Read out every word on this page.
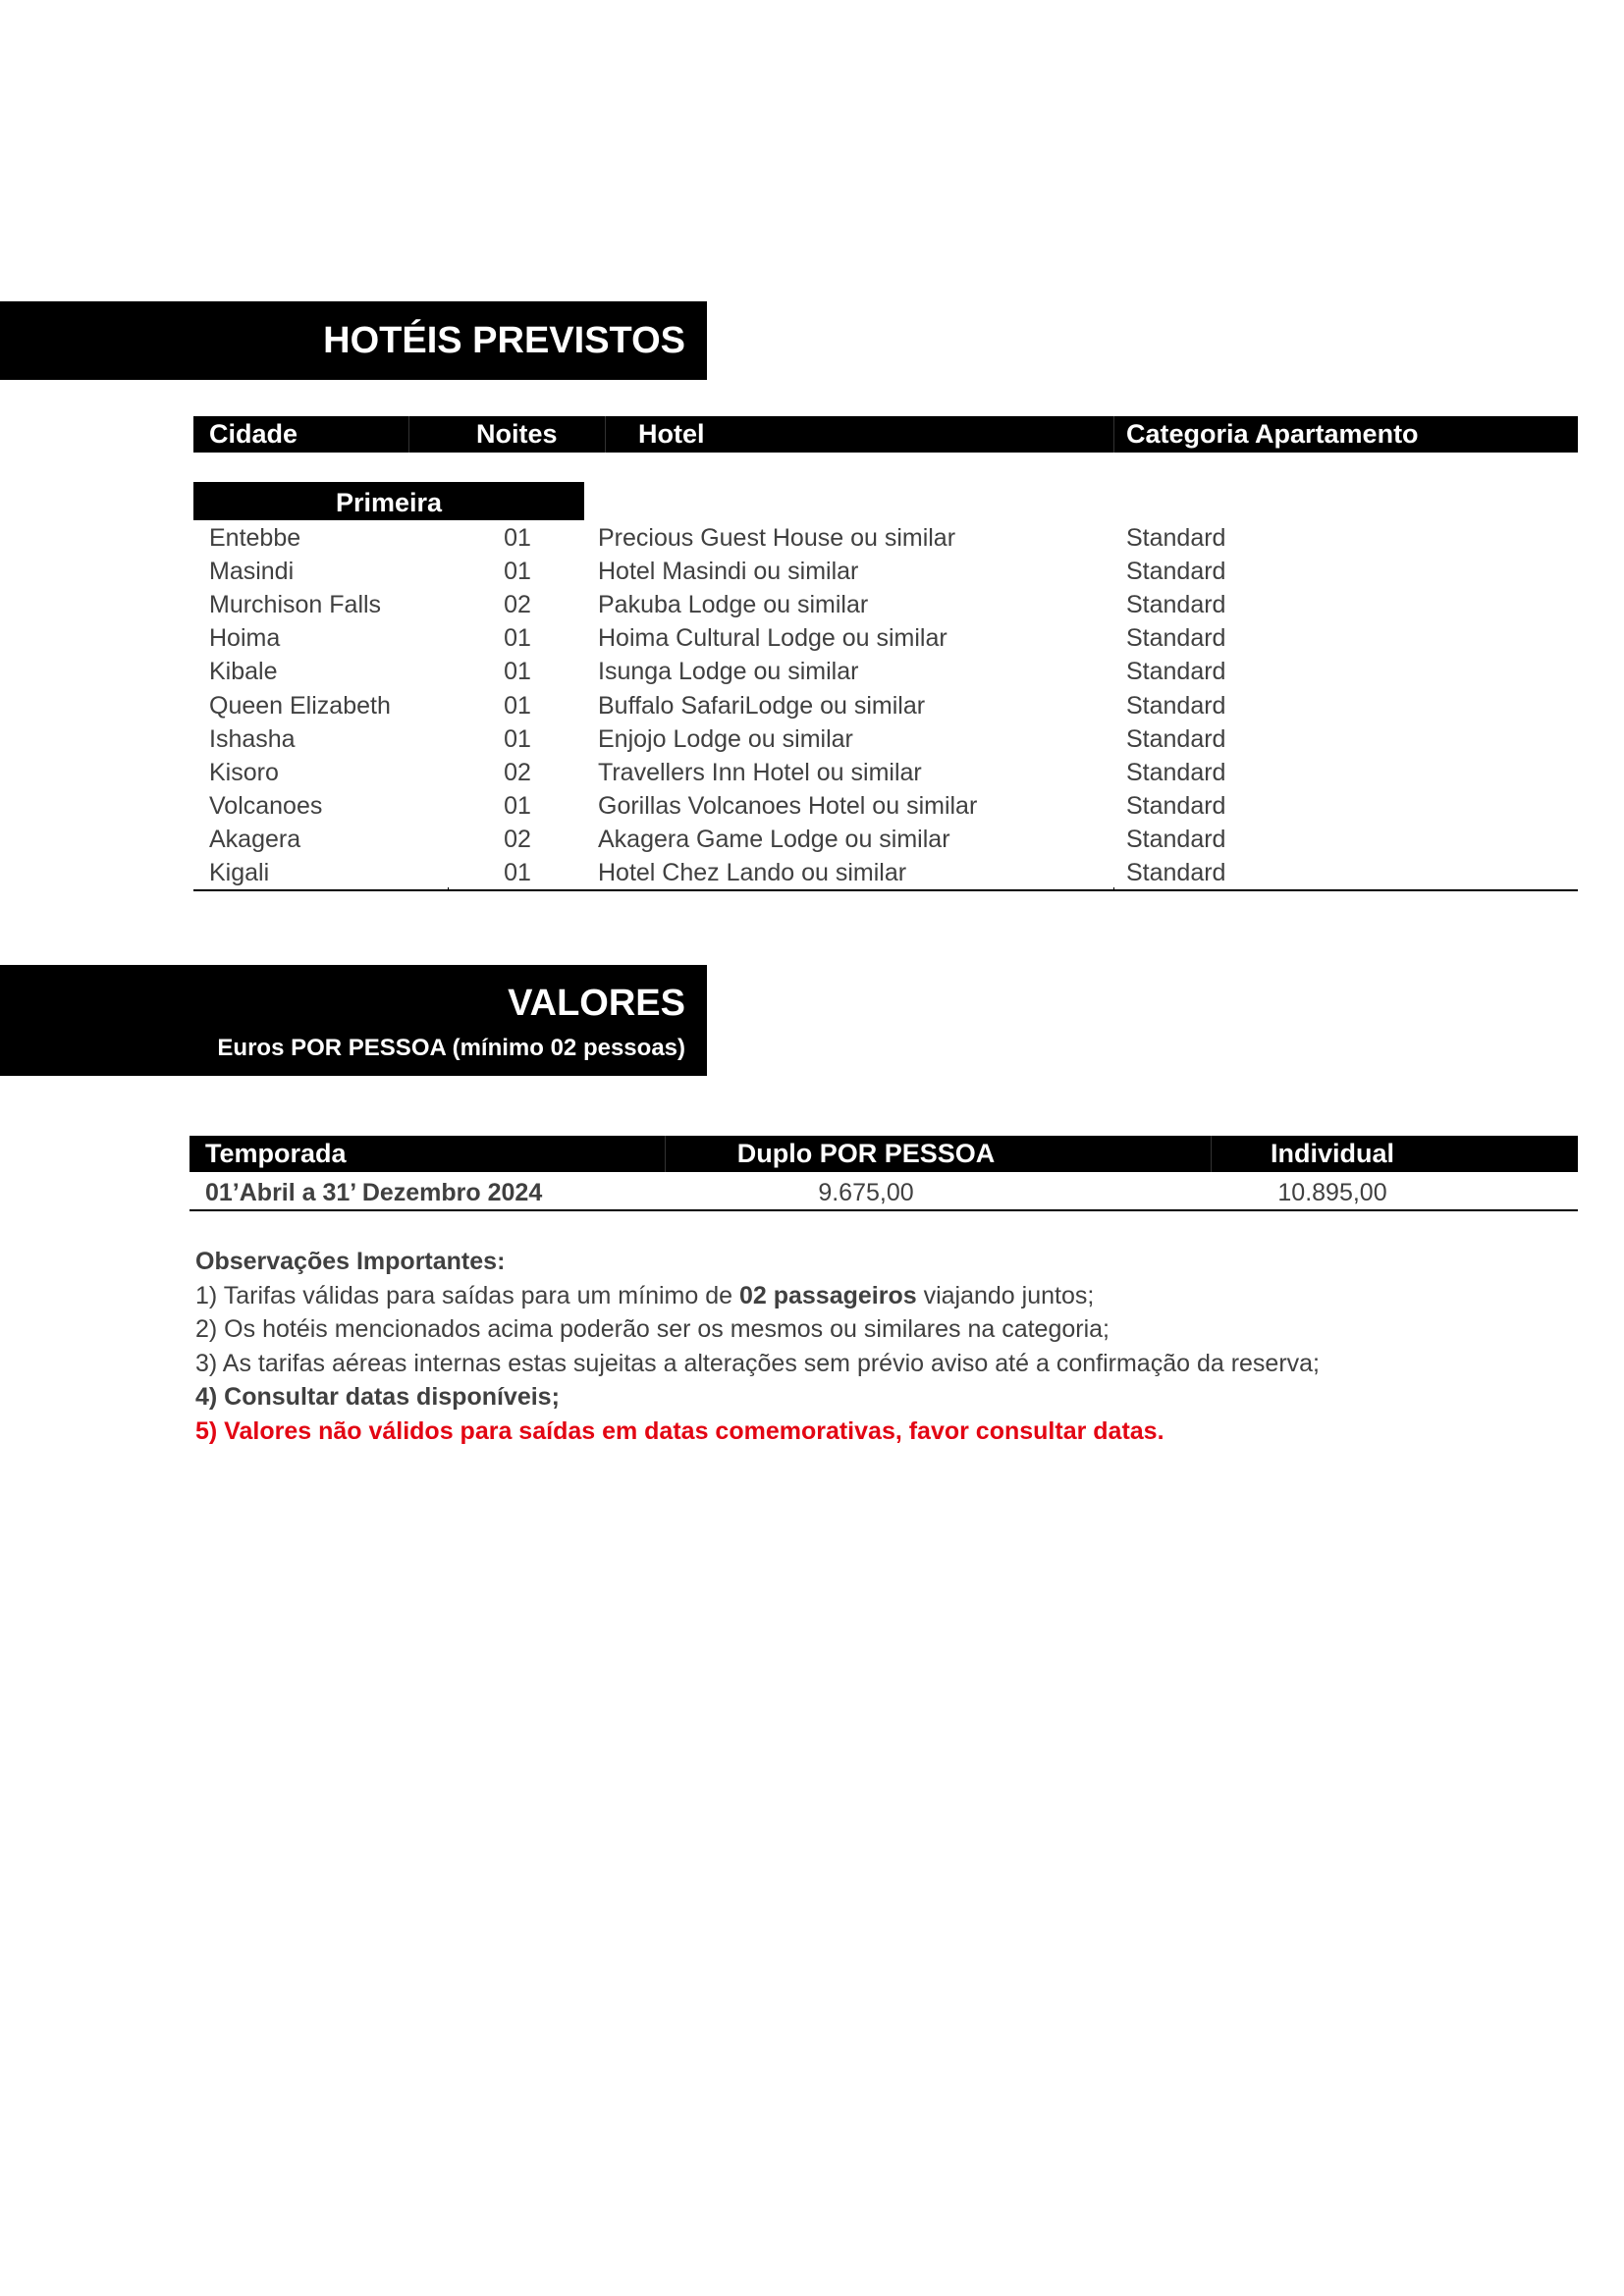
HOTÉIS PREVISTOS
Cidade	Noites	Hotel	Categoria Apartamento
Primeira
Entebbe	01	Precious Guest House ou similar	Standard
Masindi	01	Hotel Masindi ou similar	Standard
Murchison Falls	02	Pakuba Lodge ou similar	Standard
Hoima	01	Hoima Cultural Lodge ou similar	Standard
Kibale	01	Isunga Lodge ou similar	Standard
Queen Elizabeth	01	Buffalo SafariLodge ou similar	Standard
Ishasha	01	Enjojo Lodge ou similar	Standard
Kisoro	02	Travellers Inn Hotel ou similar	Standard
Volcanoes	01	Gorillas Volcanoes Hotel ou similar	Standard
Akagera	02	Akagera Game Lodge ou similar	Standard
Kigali	01	Hotel Chez Lando ou similar	Standard
VALORES
Euros POR PESSOA (mínimo 02 pessoas)
Temporada	Duplo POR PESSOA	Individual
01’Abril a 31’ Dezembro 2024	9.675,00	10.895,00
Observações Importantes:
1) Tarifas válidas para saídas para um mínimo de 02 passageiros viajando juntos;
2) Os hotéis mencionados acima poderão ser os mesmos ou similares na categoria;
3) As tarifas aéreas internas estas sujeitas a alterações sem prévio aviso até a confirmação da reserva;
4) Consultar datas disponíveis;
5) Valores não válidos para saídas em datas comemorativas, favor consultar datas.
